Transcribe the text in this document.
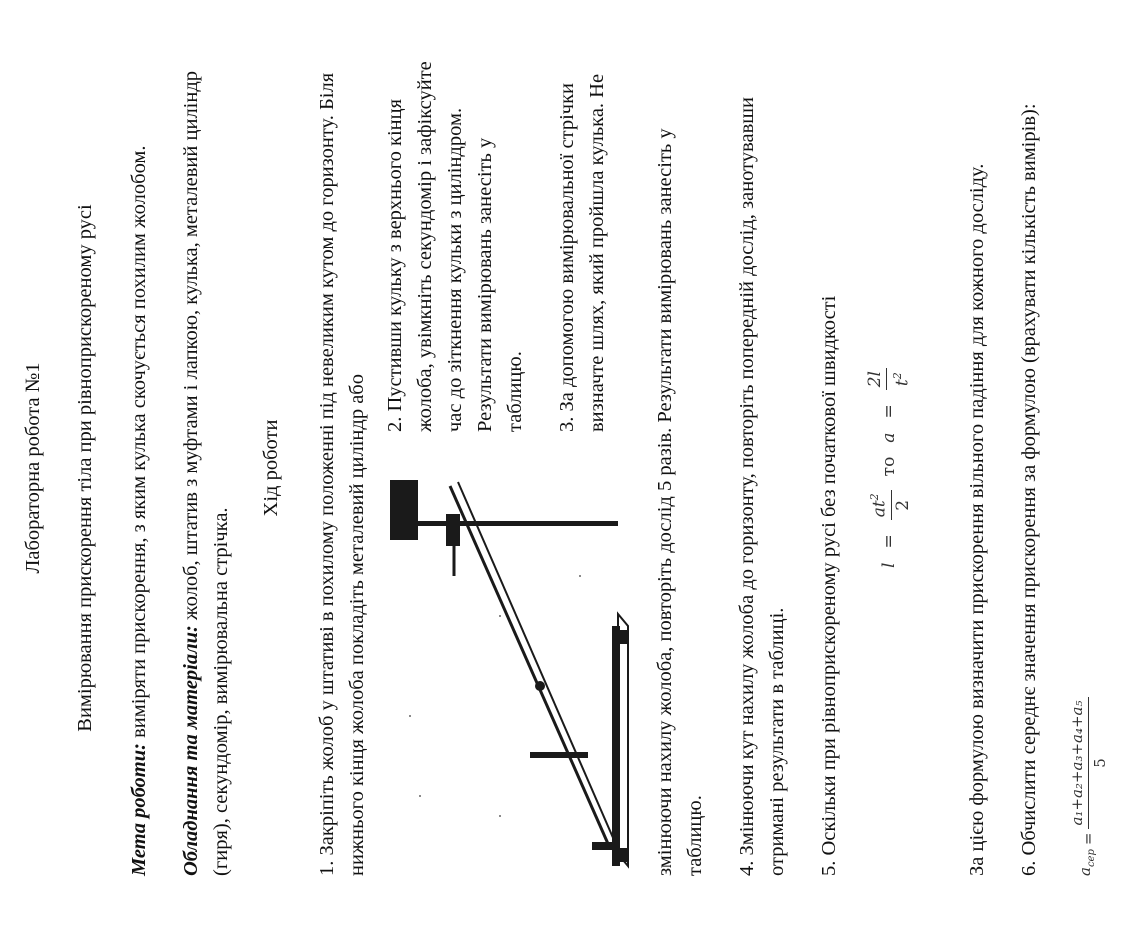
Лабораторна робота №1 Вимірювання прискорення тіла при рівноприскореному русі

Мета роботи: виміряти прискорення, з яким кулька скочується похилим жолобом.

Обладнання та матеріали: жолоб, штатив з муфтами і лапкою, кулька, металевий циліндр (гиря), секундомір, вимірювальна стрічка.

Хід роботи 1. Закріпіть жолоб у штативі в похилому положенні під невеликим кутом до горизонту. Біля нижнього кінця жолоба покладіть металевий циліндр або

2. Пустивши кульку з верхнього кінця жолоба, увімкніть секундомір і зафіксуйте час до зіткнення кульки з циліндром. Результати вимірювань занесіть у таблицю. 3. За допомогою вимірювальної стрічки визначте шлях, який пройшла кулька. Не змінюючи нахилу жолоба, повторіть дослід 5 разів. Результати вимірювань занесіть у таблицю. 4. Змінюючи кут нахилу жолоба до горизонту, повторіть попередній дослід, занотувавши отримані результати в таблиці. 5. Оскільки при рівноприскореному русі без початкової швидкості l
=
$at^2$
2
то
a
=
2l $t^2$	За цією формулою визначити прискорення вільного падіння для кожного досліду. 6. Обчислити середнє значення прискорення за формулою (врахувати кількість вимірів):	$a_{сер}$
=
a₁+a₂+a₃+a₄+a₅ 5
